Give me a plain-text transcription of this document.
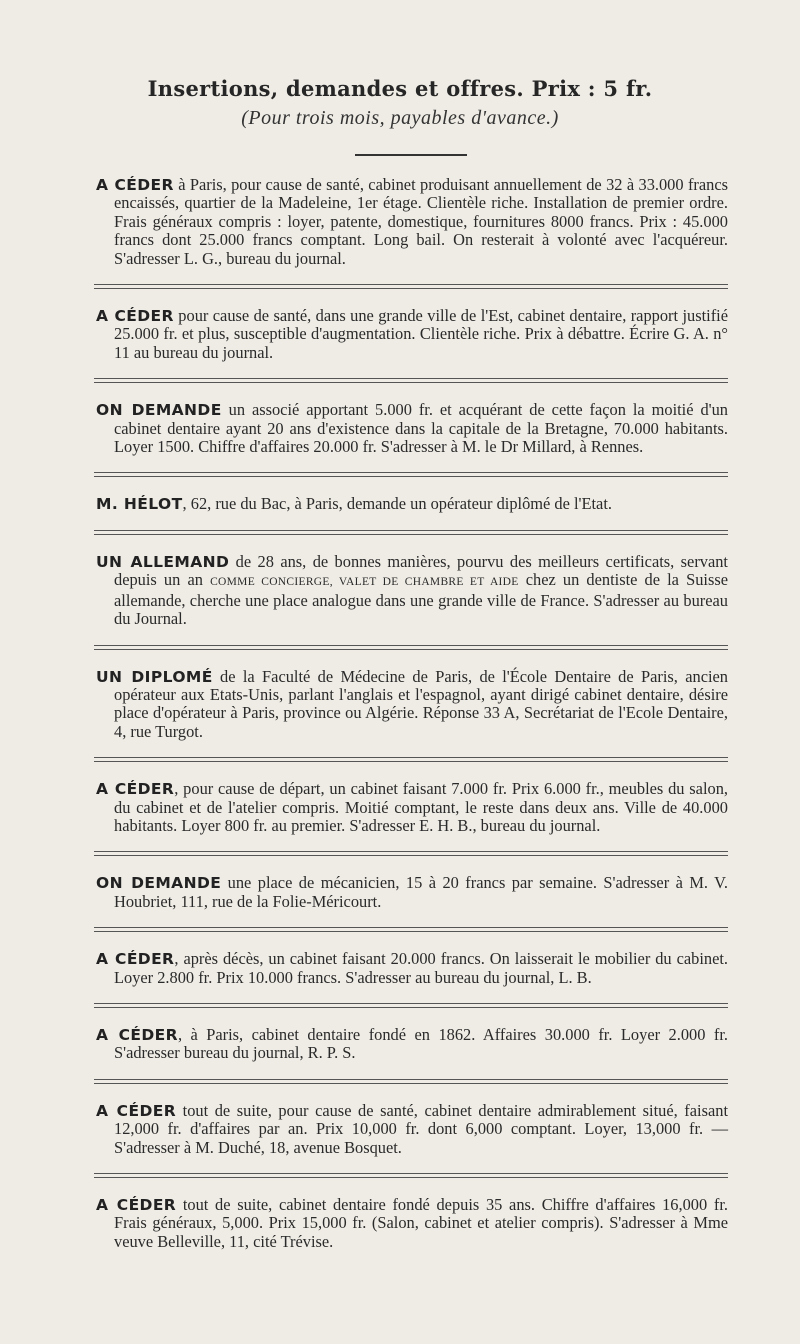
Insertions, demandes et offres. Prix : 5 fr.
(Pour trois mois, payables d'avance.)
A CÉDER à Paris, pour cause de santé, cabinet produisant annuellement de 32 à 33.000 francs encaissés, quartier de la Madeleine, 1er étage. Clientèle riche. Installation de premier ordre. Frais généraux compris : loyer, patente, domestique, fournitures 8000 francs. Prix : 45.000 francs dont 25.000 francs comptant. Long bail. On resterait à volonté avec l'acquéreur. S'adresser L. G., bureau du journal.
A CÉDER pour cause de santé, dans une grande ville de l'Est, cabinet dentaire, rapport justifié 25.000 fr. et plus, susceptible d'augmentation. Clientèle riche. Prix à débattre. Écrire G. A. n° 11 au bureau du journal.
ON DEMANDE un associé apportant 5.000 fr. et acquérant de cette façon la moitié d'un cabinet dentaire ayant 20 ans d'existence dans la capitale de la Bretagne, 70.000 habitants. Loyer 1500. Chiffre d'affaires 20.000 fr. S'adresser à M. le Dr Millard, à Rennes.
M. HÉLOT, 62, rue du Bac, à Paris, demande un opérateur diplômé de l'Etat.
UN ALLEMAND de 28 ans, de bonnes manières, pourvu des meilleurs certificats, servant depuis un an COMME CONCIERGE, VALET DE CHAMBRE ET AIDE chez un dentiste de la Suisse allemande, cherche une place analogue dans une grande ville de France. S'adresser au bureau du Journal.
UN DIPLOMÉ de la Faculté de Médecine de Paris, de l'École Dentaire de Paris, ancien opérateur aux Etats-Unis, parlant l'anglais et l'espagnol, ayant dirigé cabinet dentaire, désire place d'opérateur à Paris, province ou Algérie. Réponse 33 A, Secrétariat de l'Ecole Dentaire, 4, rue Turgot.
A CÉDER, pour cause de départ, un cabinet faisant 7.000 fr. Prix 6.000 fr., meubles du salon, du cabinet et de l'atelier compris. Moitié comptant, le reste dans deux ans. Ville de 40.000 habitants. Loyer 800 fr. au premier. S'adresser E. H. B., bureau du journal.
ON DEMANDE une place de mécanicien, 15 à 20 francs par semaine. S'adresser à M. V. Houbriet, 111, rue de la Folie-Méricourt.
A CÉDER, après décès, un cabinet faisant 20.000 francs. On laisserait le mobilier du cabinet. Loyer 2.800 fr. Prix 10.000 francs. S'adresser au bureau du journal, L. B.
A CÉDER, à Paris, cabinet dentaire fondé en 1862. Affaires 30.000 fr. Loyer 2.000 fr. S'adresser bureau du journal, R. P. S.
A CÉDER tout de suite, pour cause de santé, cabinet dentaire admirablement situé, faisant 12,000 fr. d'affaires par an. Prix 10,000 fr. dont 6,000 comptant. Loyer, 13,000 fr. — S'adresser à M. Duché, 18, avenue Bosquet.
A CÉDER tout de suite, cabinet dentaire fondé depuis 35 ans. Chiffre d'affaires 16,000 fr. Frais généraux, 5,000. Prix 15,000 fr. (Salon, cabinet et atelier compris). S'adresser à Mme veuve Belleville, 11, cité Trévise.
